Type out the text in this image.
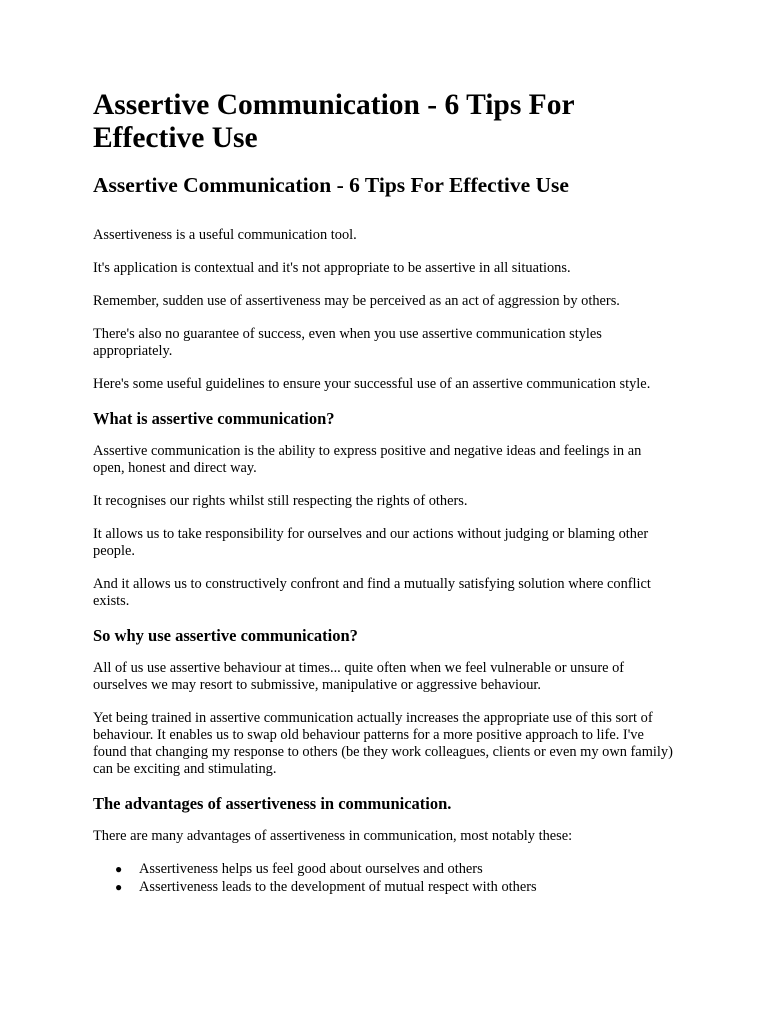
Assertive Communication - 6 Tips For Effective Use
Assertive Communication - 6 Tips For Effective Use

Assertiveness is a useful communication tool.

It's application is contextual and it's not appropriate to be assertive in all situations.

Remember, sudden use of assertiveness may be perceived as an act of aggression by others.

There's also no guarantee of success, even when you use assertive communication styles appropriately.

Here's some useful guidelines to ensure your successful use of an assertive communication style.

What is assertive communication?

Assertive communication is the ability to express positive and negative ideas and feelings in an open, honest and direct way.

It recognises our rights whilst still respecting the rights of others.

It allows us to take responsibility for ourselves and our actions without judging or blaming other people.

And it allows us to constructively confront and find a mutually satisfying solution where conflict exists.

So why use assertive communication?

All of us use assertive behaviour at times... quite often when we feel vulnerable or unsure of ourselves we may resort to submissive, manipulative or aggressive behaviour.

Yet being trained in assertive communication actually increases the appropriate use of this sort of behaviour. It enables us to swap old behaviour patterns for a more positive approach to life. I've found that changing my response to others (be they work colleagues, clients or even my own family) can be exciting and stimulating.

The advantages of assertiveness in communication.

There are many advantages of assertiveness in communication, most notably these:

● Assertiveness helps us feel good about ourselves and others
● Assertiveness leads to the development of mutual respect with others
